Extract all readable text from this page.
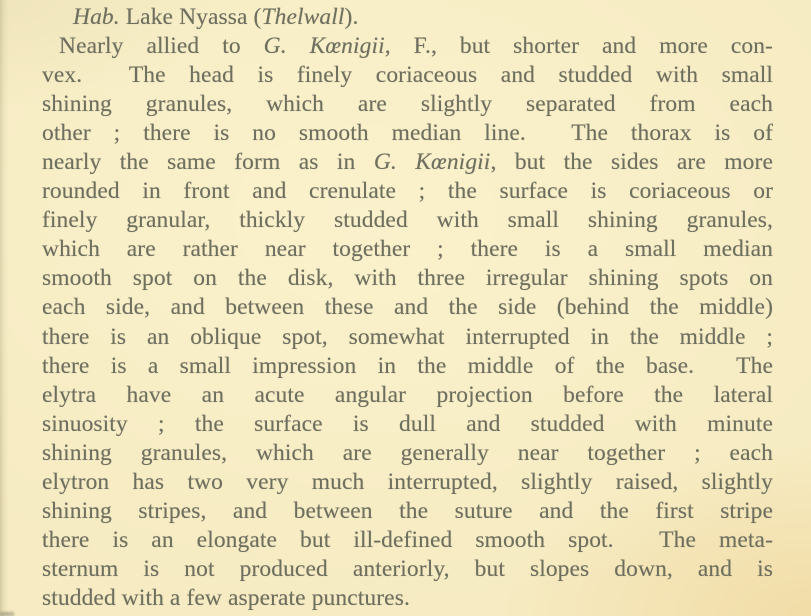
Hab. Lake Nyassa (Thelwall).
Nearly allied to G. Kœnigii, F., but shorter and more con-
vex.  The head is finely coriaceous and studded with small
shining granules, which are slightly separated from each
other ; there is no smooth median line.  The thorax is of
nearly the same form as in G. Kœnigii, but the sides are more
rounded in front and crenulate ; the surface is coriaceous or
finely granular, thickly studded with small shining granules,
which are rather near together ; there is a small median
smooth spot on the disk, with three irregular shining spots on
each side, and between these and the side (behind the middle)
there is an oblique spot, somewhat interrupted in the middle ;
there is a small impression in the middle of the base.  The
elytra have an acute angular projection before the lateral
sinuosity ; the surface is dull and studded with minute
shining granules, which are generally near together ; each
elytron has two very much interrupted, slightly raised, slightly
shining stripes, and between the suture and the first stripe
there is an elongate but ill-defined smooth spot.  The meta-
sternum is not produced anteriorly, but slopes down, and is
studded with a few asperate punctures.
